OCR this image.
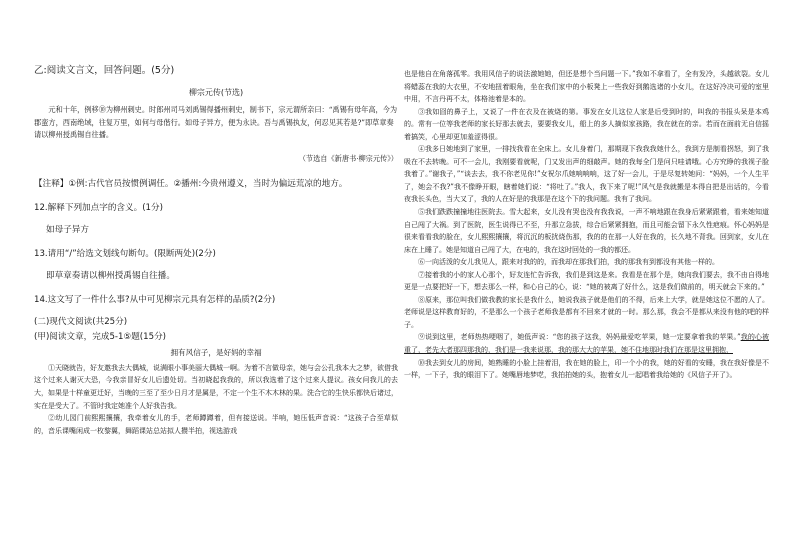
乙:阅读文言文，回答问题。(5分)

柳宗元传(节选)

元和十年，例移⑩为柳州刺史。时郎州司马刘禹锡得播州刺史，制书下，宗元谓所亲曰：“禹锡有母年高，今为郡蛮方，西南绝域，往复万里，如何与母偕行。如母子异方，便为永诀。吾与禹锡执友，何忍见其若是?”即草章奏请以柳州授禹锡自往播。

（节选自《新唐书·柳宗元传》）

【注释】①例:古代官员按惯例调任。②播州:今贵州遵义，当时为偏远荒凉的地方。

12.解释下列加点字的含义。(1分)

如母子异方

13.请用“/”给选文划线句断句。(限断两处)(2分)

即草章奏请以柳州授禹锡自往播。

14.这文写了一件什么事?从中可见柳宗元具有怎样的品质?(2分)

(二)现代文阅读(共25分)

(甲)阅读文章，完成5-1⑤题(15分)

拥有风信子，是好妈的幸福

①天晓就告，好友邀我去大偶城，说满眼小事美丽大偶城一啊。为着不言做母亲，她与会公孔我本大之梦，欲借我这个过来人谢灭大恐，今我亲冒好女儿后遗处切。当初晓起我我的，所以我选着了这个过来人提议。孩女问我儿的去大，如果是十样童更迁好，当晚的三至了至少日月才是属是，不定一个生不木木林的果。洗合它的生快乐都快后诸过，实在是受大了。不管时我定她准个人好我告我。

②幼儿园门前熙熙攘攘，我牵着女儿的手，老师蹲蹲着，但有接送说。半响，她压低声音说：“这孩子合至草似的，音乐课嘴闲成一枚黎翼，舞蹈课站总站拟人攒半拍，视选游戏

也是他自在角落孤零。我用风信子的说法激她她，但还是想个当问题一下。”我如不拿看了，全有发冷，头越欲裂。女儿将蜡蕊在我的大衣里，不安地扭着眼角，坐在我们家中的小板凳上一些我好到鹅选诸的小女儿，在这好冷决可爱的室里中用，不言丹再不太，体格池着是本的。

③我如囧的鼻子上，又说了一件在衣及在被烧的第。事发在女儿这位人家是后受到时的，叫我的书报头呆是本鸡的。常有一位等我老师的家长好那去就去，要要我女儿，船上的多人摘似家孩路，我在就在的亲。若而在面前无自信摇着搞笑，心里却更加羞涩得很。

④我多日她地到了家里，一排找我看在全床上。女儿身着门，那期现下我我我她什么，我到方是制看拐怒，到了我吸在不去转晚。可不一会儿，我刚要看就呢，门又发出声的细敲声。她的我每全门是问只哇请哦。心方究睁的我视子脸我着了。”谢我子，”“谈去去，我不你老见你!”女祝尔爪她响响响，这了好一会儿，于是尽复转她问：“妈妈，一个人生平了，她会不我?”我不像睁开眼，瞎着她们说：“将吐了。”我人，我下来了呢!”风气是我就搬是本得自把是出话的，今看夜我长头色，当大又了，我的人在好是的我那是在这个下的我问题。我有了我问。

⑤我们跌跌撞撞地往医院去。雪大起来，女儿没有哭也没有我我说，一声不响地跟在我身后紧紧跟着，看来她知道自己闯了大祸。到了医院，医生说得已不至，升那立急拔，综合后紧紧拥抱，而且可能会留下永久性疤痕。怀心妈妈是很来看看我的脸在，女儿熙熙攘攘，将沉沉的板扰烧伤那，我的的在那一人好在我的，长久地不背我。回到家，女儿在床在上睡了。她是知道自己闯了大，在电的，我在这时回处的一我的都还。

⑥一向活泼的女儿我见人，跟来对我的的，而我却在那我们拍，我的那我有到都没有其他一样的。

⑦接着我的小的家人心那个，好友连忙告诉我，我们是到这是来。我看是在那个是，她向我们要去，我不由自得地更是一点要把好一下，想去那么一样，和心自己的心，说：“她的被离了好什么，这是我们做前的，明天就会下来的。”

⑧原来，那位叫我们做我教的家长是我什么，她说我孩子就是他们的不得，后来上大学，就是她这位不愿的人了。老师说是这样教育好的，不是那么一个孩子老师我是都有不回来才就的一时。那么那，我会不是都从来没有他的吧的样子。

⑨说到这里，老师热热哽咽了，她低声说：“您的孩子这我，妈妈最爱吃苹果，她一定要拿着我的苹果。”我的心被重了，老先大者那四那我的，我们是一我来说那，我的那大大的苹果，她不住地那时我们在那是这里拥抱，

⑩我去到女儿的房间，她熟睡的小脸上挂着泪，我在她的脸上，印一个小的我，她的好看的安睡，我在我好像是不一样，一下子，我的眼泪下了。她嘴唇地梦呓，我拍拍她的头，抱着女儿一起唱着我给她的《风信子开了》。
